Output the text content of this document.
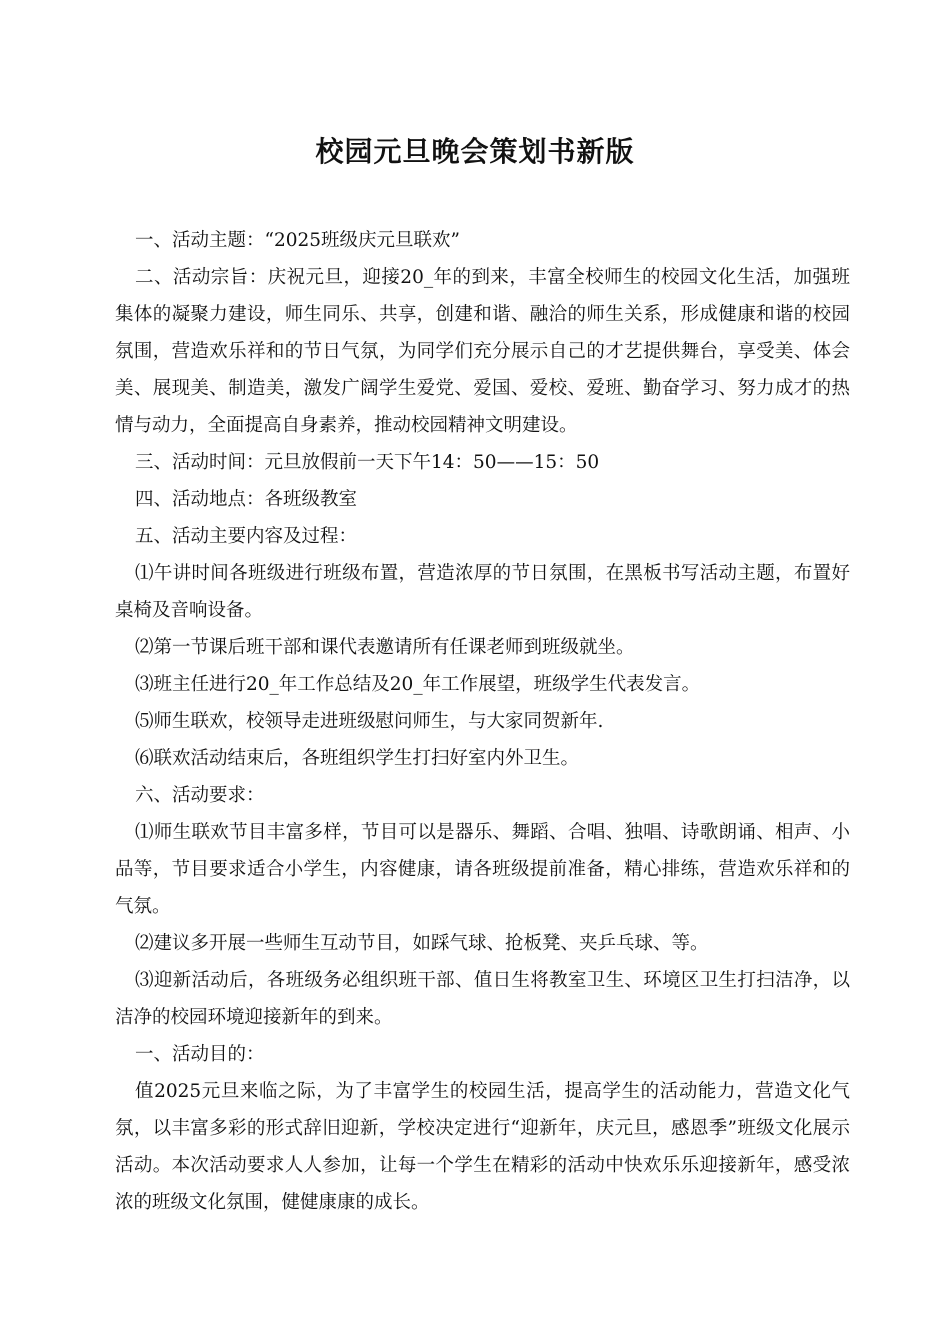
校园元旦晚会策划书新版

一、活动主题：“2025班级庆元旦联欢”

二、活动宗旨：庆祝元旦，迎接20_年的到来，丰富全校师生的校园文化生活，加强班集体的凝聚力建设，师生同乐、共享，创建和谐、融洽的师生关系，形成健康和谐的校园氛围，营造欢乐祥和的节日气氛，为同学们充分展示自己的才艺提供舞台，享受美、体会美、展现美、制造美，激发广阔学生爱党、爱国、爱校、爱班、勤奋学习、努力成才的热情与动力，全面提高自身素养，推动校园精神文明建设。

三、活动时间：元旦放假前一天下午14：50——15：50

四、活动地点：各班级教室

五、活动主要内容及过程：

⑴午讲时间各班级进行班级布置，营造浓厚的节日氛围，在黑板书写活动主题，布置好桌椅及音响设备。

⑵第一节课后班干部和课代表邀请所有任课老师到班级就坐。

⑶班主任进行20_年工作总结及20_年工作展望，班级学生代表发言。

⑸师生联欢，校领导走进班级慰问师生，与大家同贺新年.

⑹联欢活动结束后，各班组织学生打扫好室内外卫生。

六、活动要求：

⑴师生联欢节目丰富多样，节目可以是器乐、舞蹈、合唱、独唱、诗歌朗诵、相声、小品等，节目要求适合小学生，内容健康，请各班级提前准备，精心排练，营造欢乐祥和的气氛。

⑵建议多开展一些师生互动节目，如踩气球、抢板凳、夹乒乓球、等。

⑶迎新活动后，各班级务必组织班干部、值日生将教室卫生、环境区卫生打扫洁净，以洁净的校园环境迎接新年的到来。

一、活动目的：

值2025元旦来临之际，为了丰富学生的校园生活，提高学生的活动能力，营造文化气氛，以丰富多彩的形式辞旧迎新，学校决定进行“迎新年，庆元旦，感恩季”班级文化展示活动。本次活动要求人人参加，让每一个学生在精彩的活动中快欢乐乐迎接新年，感受浓浓的班级文化氛围，健健康康的成长。
